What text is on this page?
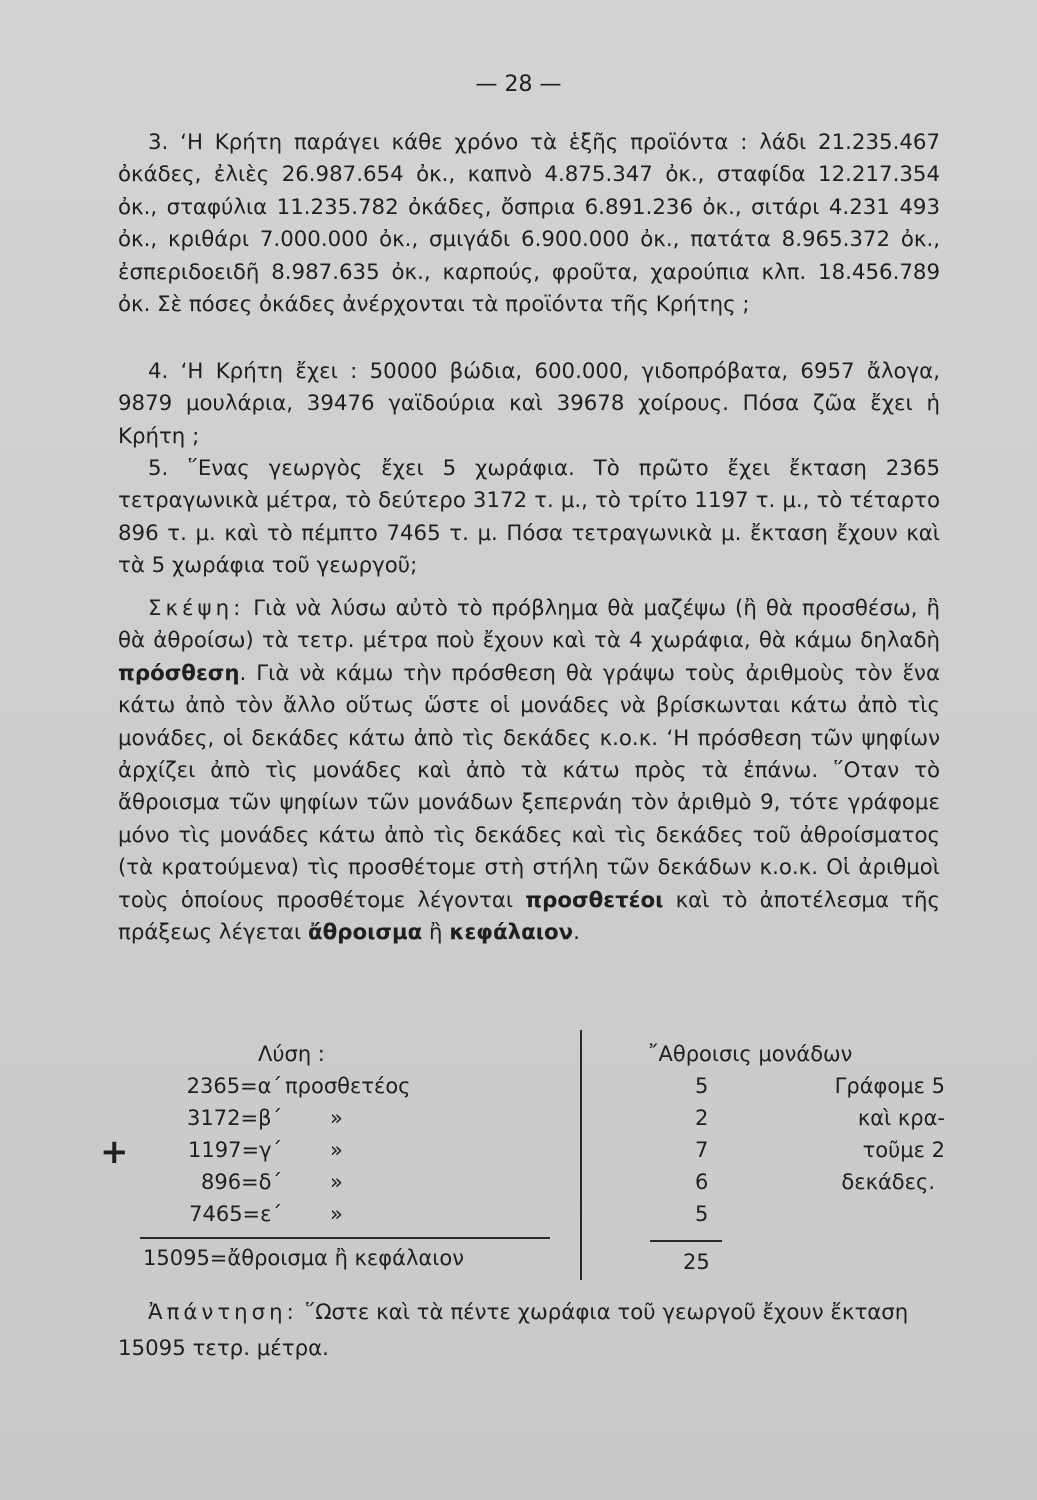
— 28 —
3. ‘Η Κρήτη παράγει κάθε χρόνο τὰ ἑξῆς προϊόντα : λάδι 21.235.467 ὀκάδες, ἐλιὲς 26.987.654 ὀκ., καπνὸ 4.875.347 ὀκ., σταφίδα 12.217.354 ὀκ., σταφύλια 11.235.782 ὀκάδες, ὄσπρια 6.891.236 ὀκ., σιτάρι 4.231 493 ὀκ., κριθάρι 7.000.000 ὀκ., σμιγάδι 6.900.000 ὀκ., πατάτα 8.965.372 ὀκ., ἐσπεριδοειδῆ 8.987.635 ὀκ., καρπούς, φροῦτα, χαρούπια κλπ. 18.456.789 ὀκ. Σὲ πόσες ὀκάδες ἀνέρχονται τὰ προϊόντα τῆς Κρήτης ;
4. ‘Η Κρήτη ἔχει : 50000 βώδια, 600.000, γιδοπρόβατα, 6957 ἄλογα, 9879 μουλάρια, 39476 γαϊδούρια καὶ 39678 χοίρους. Πόσα ζῶα ἔχει ἡ Κρήτη ;
5. ῞Ενας γεωργὸς ἔχει 5 χωράφια. Τὸ πρῶτο ἔχει ἔκταση 2365 τετραγωνικὰ μέτρα, τὸ δεύτερο 3172 τ. μ., τὸ τρίτο 1197 τ. μ., τὸ τέταρτο 896 τ. μ. καὶ τὸ πέμπτο 7465 τ. μ. Πόσα τετραγωνικὰ μ. ἔκταση ἔχουν καὶ τὰ 5 χωράφια τοῦ γεωργοῦ;
Σκέψη: Γιὰ νὰ λύσω αὐτὸ τὸ πρόβλημα θὰ μαζέψω (ἢ θὰ προσθέσω, ἢ θὰ ἀθροίσω) τὰ τετρ. μέτρα ποὺ ἔχουν καὶ τὰ 4 χωράφια, θὰ κάμω δηλαδὴ πρόσθεση. Γιὰ νὰ κάμω τὴν πρόσθεση θὰ γράψω τοὺς ἀριθμοὺς τὸν ἕνα κάτω ἀπὸ τὸν ἄλλο οὕτως ὥστε οἱ μονάδες νὰ βρίσκωνται κάτω ἀπὸ τὶς μονάδες, οἱ δεκάδες κάτω ἀπὸ τὶς δεκάδες κ.ο.κ. ‘Η πρόσθεση τῶν ψηφίων ἀρχίζει ἀπὸ τὶς μονάδες καὶ ἀπὸ τὰ κάτω πρὸς τὰ ἐπάνω. ῞Οταν τὸ ἄθροισμα τῶν ψηφίων τῶν μονάδων ξεπερνάη τὸν ἀριθμὸ 9, τότε γράφομε μόνο τὶς μονάδες κάτω ἀπὸ τὶς δεκάδες καὶ τὶς δεκάδες τοῦ ἀθροίσματος (τὰ κρατούμενα) τὶς προσθέτομε στὴ στήλη τῶν δεκάδων κ.ο.κ. Οἱ ἀριθμοὶ τοὺς ὁποίους προσθέτομε λέγονται προσθετέοι καὶ τὸ ἀποτέλεσμα τῆς πράξεως λέγεται ἄθροισμα ἢ κεφάλαιον.
Λύση :
+
2365=α΄ προσθετέος
3172=β΄ »
1197=γ΄ »
896=δ΄ »
7465=ε΄ »
15095=ἄθροισμα ἢ κεφάλαιον
῎Αθροισις μονάδων
5
2
7
6
5
25
Γράφομε 5
καὶ κρα-
τοῦμε 2
δεκάδες.
Ἀπάντηση: ῞Ωστε καὶ τὰ πέντε χωράφια τοῦ γεωργοῦ ἔχουν ἔκταση 15095 τετρ. μέτρα.
